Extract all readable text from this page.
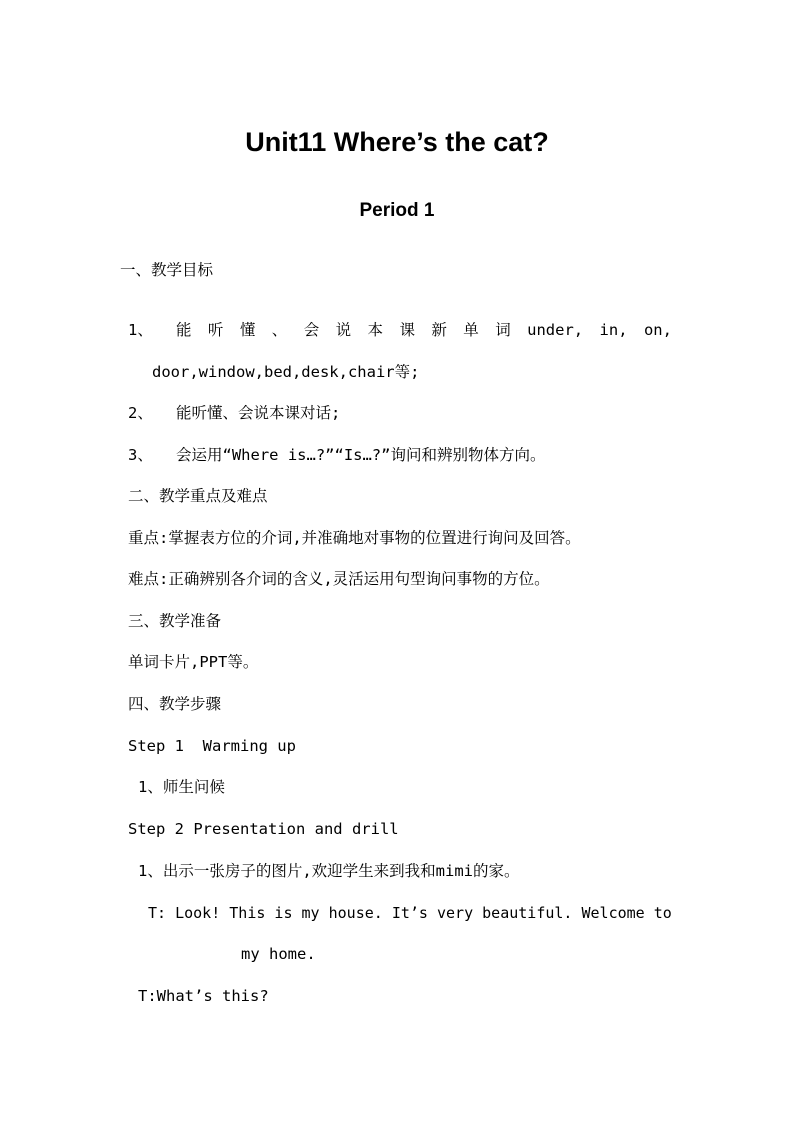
Unit11 Where’s the cat?
Period 1
一、教学目标
1、 能 听 懂 、 会 说 本 课 新 单 词 under, in, on,
door,window,bed,desk,chair等;
2、 能听懂、会说本课对话;
3、 会运用“Where is…?”“Is…?”询问和辨别物体方向。
二、教学重点及难点
重点:掌握表方位的介词,并准确地对事物的位置进行询问及回答。
难点:正确辨别各介词的含义,灵活运用句型询问事物的方位。
三、教学准备
单词卡片,PPT等。
四、教学步骤
Step 1  Warming up
1、师生问候
Step 2 Presentation and drill
1、出示一张房子的图片,欢迎学生来到我和mimi的家。
T: Look! This is my house. It’s very beautiful. Welcome to
my home.
T:What’s this?
